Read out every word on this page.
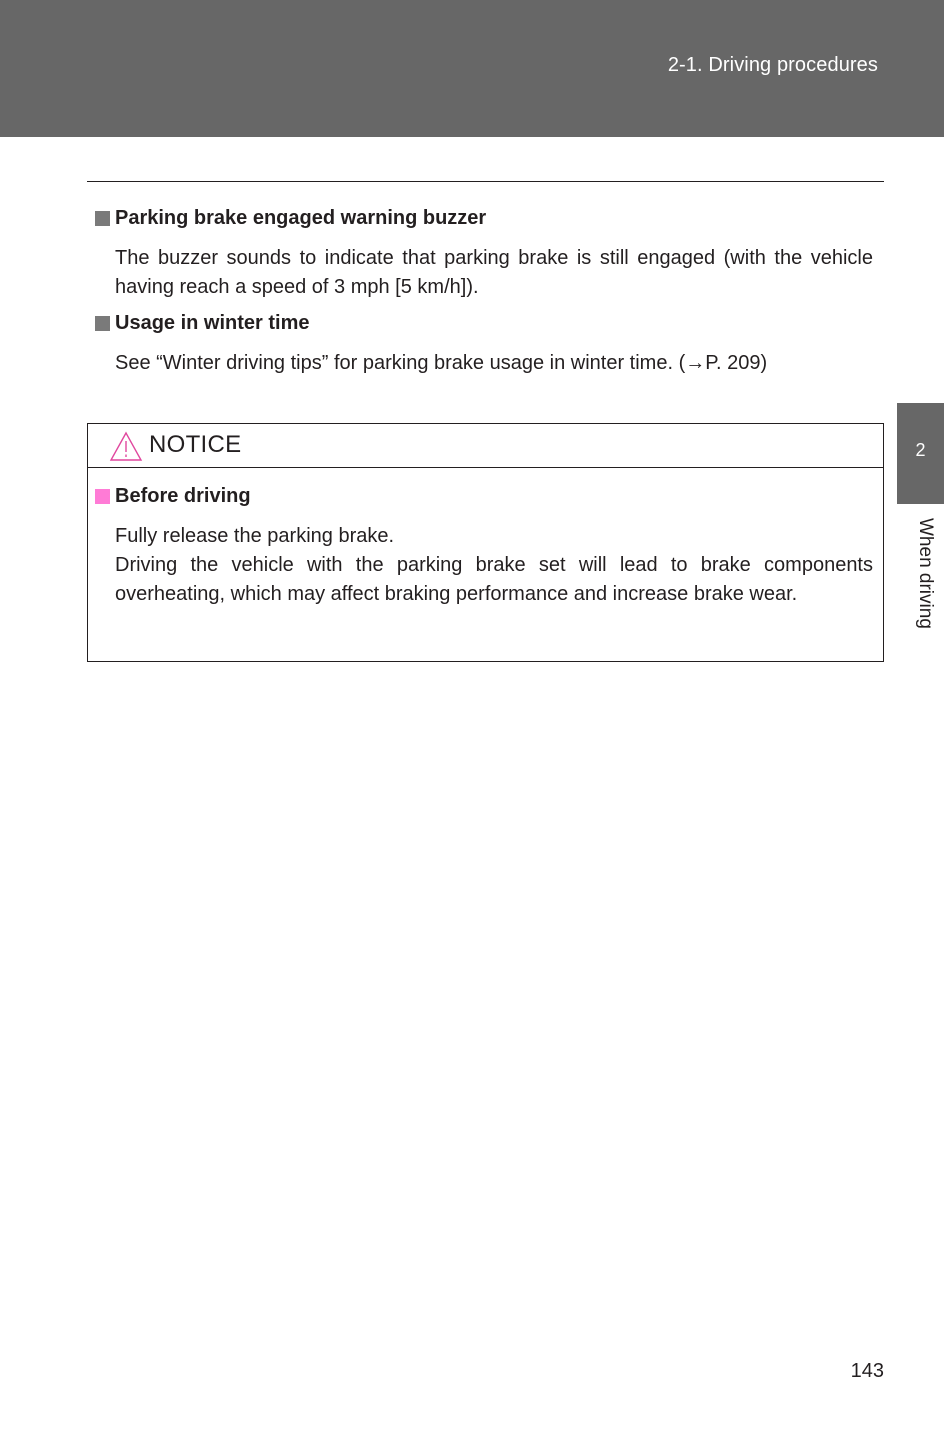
2-1. Driving procedures
Parking brake engaged warning buzzer

The buzzer sounds to indicate that parking brake is still engaged (with the vehicle having reach a speed of 3 mph [5 km/h]).

Usage in winter time

See “Winter driving tips” for parking brake usage in winter time. (→P. 209)

NOTICE
Before driving

Fully release the parking brake.

Driving the vehicle with the parking brake set will lead to brake components overheating, which may affect braking performance and increase brake wear.

2
When driving
143
